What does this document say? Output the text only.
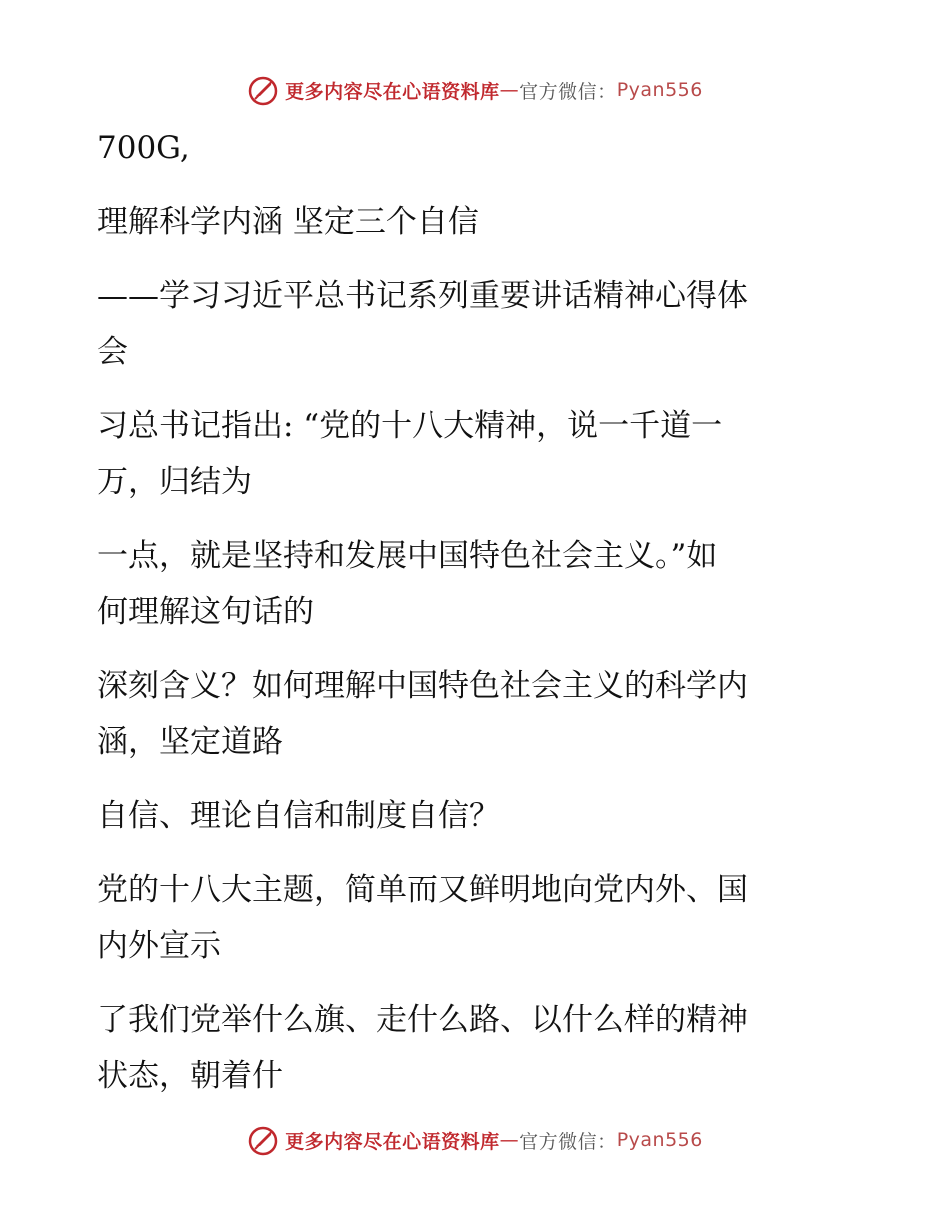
更多内容尽在心语资料库 — 官方微信： Pyan556
700G,
理解科学内涵 坚定三个自信
——学习习近平总书记系列重要讲话精神心得体
会
习总书记指出: “党的十八大精神，说一千道一
万，归结为
一点，就是坚持和发展中国特色社会主义。”如
何理解这句话的
深刻含义？如何理解中国特色社会主义的科学内
涵，坚定道路
自信、理论自信和制度自信？
党的十八大主题，简单而又鲜明地向党内外、国
内外宣示
了我们党举什么旗、走什么路、以什么样的精神
状态，朝着什
更多内容尽在心语资料库 — 官方微信： Pyan556
